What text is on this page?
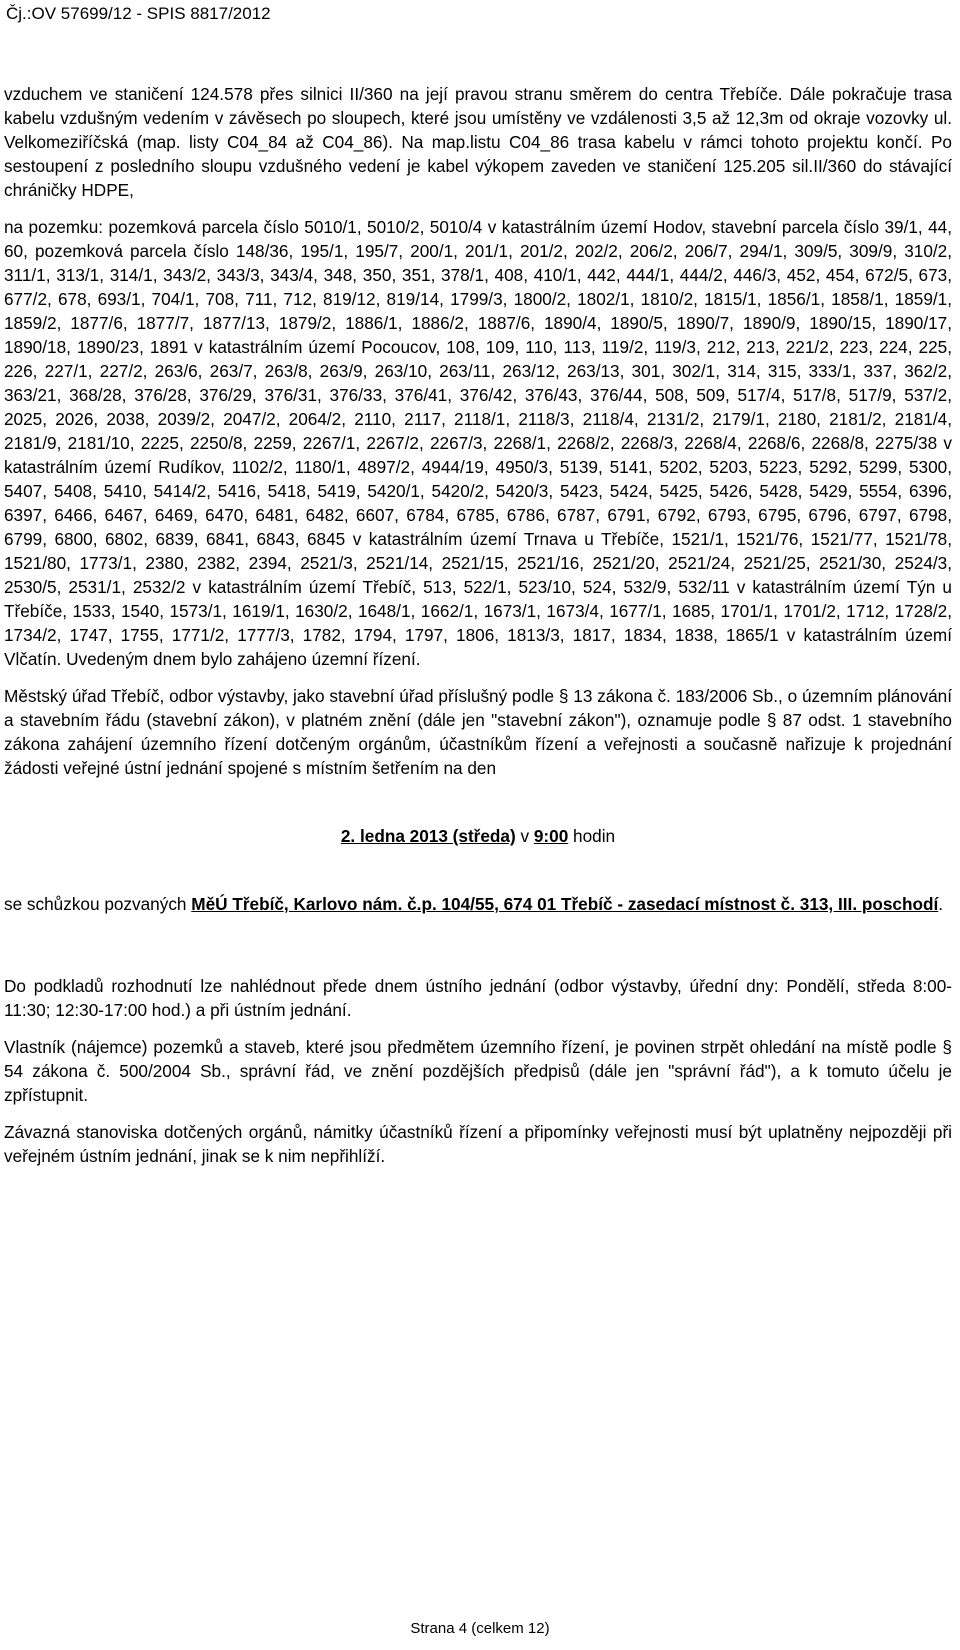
Čj.:OV 57699/12 - SPIS 8817/2012

vzduchem ve staničení 124.578 přes silnici II/360 na její pravou stranu směrem do centra Třebíče. Dále pokračuje trasa kabelu vzdušným vedením v závěsech po sloupech, které jsou umístěny ve vzdálenosti 3,5 až 12,3m od okraje vozovky ul. Velkomeziříčská (map. listy C04_84 až C04_86). Na map.listu C04_86 trasa kabelu v rámci tohoto projektu končí. Po sestoupení z posledního sloupu vzdušného vedení je kabel výkopem zaveden ve staničení 125.205 sil.II/360 do stávající chráničky HDPE,

na pozemku: pozemková parcela číslo 5010/1, 5010/2, 5010/4 v katastrálním území Hodov, stavební parcela číslo 39/1, 44, 60, pozemková parcela číslo 148/36, 195/1, 195/7, 200/1, 201/1, 201/2, 202/2, 206/2, 206/7, 294/1, 309/5, 309/9, 310/2, 311/1, 313/1, 314/1, 343/2, 343/3, 343/4, 348, 350, 351, 378/1, 408, 410/1, 442, 444/1, 444/2, 446/3, 452, 454, 672/5, 673, 677/2, 678, 693/1, 704/1, 708, 711, 712, 819/12, 819/14, 1799/3, 1800/2, 1802/1, 1810/2, 1815/1, 1856/1, 1858/1, 1859/1, 1859/2, 1877/6, 1877/7, 1877/13, 1879/2, 1886/1, 1886/2, 1887/6, 1890/4, 1890/5, 1890/7, 1890/9, 1890/15, 1890/17, 1890/18, 1890/23, 1891 v katastrálním území Pocoucov, 108, 109, 110, 113, 119/2, 119/3, 212, 213, 221/2, 223, 224, 225, 226, 227/1, 227/2, 263/6, 263/7, 263/8, 263/9, 263/10, 263/11, 263/12, 263/13, 301, 302/1, 314, 315, 333/1, 337, 362/2, 363/21, 368/28, 376/28, 376/29, 376/31, 376/33, 376/41, 376/42, 376/43, 376/44, 508, 509, 517/4, 517/8, 517/9, 537/2, 2025, 2026, 2038, 2039/2, 2047/2, 2064/2, 2110, 2117, 2118/1, 2118/3, 2118/4, 2131/2, 2179/1, 2180, 2181/2, 2181/4, 2181/9, 2181/10, 2225, 2250/8, 2259, 2267/1, 2267/2, 2267/3, 2268/1, 2268/2, 2268/3, 2268/4, 2268/6, 2268/8, 2275/38 v katastrálním území Rudíkov, 1102/2, 1180/1, 4897/2, 4944/19, 4950/3, 5139, 5141, 5202, 5203, 5223, 5292, 5299, 5300, 5407, 5408, 5410, 5414/2, 5416, 5418, 5419, 5420/1, 5420/2, 5420/3, 5423, 5424, 5425, 5426, 5428, 5429, 5554, 6396, 6397, 6466, 6467, 6469, 6470, 6481, 6482, 6607, 6784, 6785, 6786, 6787, 6791, 6792, 6793, 6795, 6796, 6797, 6798, 6799, 6800, 6802, 6839, 6841, 6843, 6845 v katastrálním území Trnava u Třebíče, 1521/1, 1521/76, 1521/77, 1521/78, 1521/80, 1773/1, 2380, 2382, 2394, 2521/3, 2521/14, 2521/15, 2521/16, 2521/20, 2521/24, 2521/25, 2521/30, 2524/3, 2530/5, 2531/1, 2532/2 v katastrálním území Třebíč, 513, 522/1, 523/10, 524, 532/9, 532/11 v katastrálním území Týn u Třebíče, 1533, 1540, 1573/1, 1619/1, 1630/2, 1648/1, 1662/1, 1673/1, 1673/4, 1677/1, 1685, 1701/1, 1701/2, 1712, 1728/2, 1734/2, 1747, 1755, 1771/2, 1777/3, 1782, 1794, 1797, 1806, 1813/3, 1817, 1834, 1838, 1865/1 v katastrálním území Vlčatín. Uvedeným dnem bylo zahájeno územní řízení.

Městský úřad Třebíč, odbor výstavby, jako stavební úřad příslušný podle § 13 zákona č. 183/2006 Sb., o územním plánování a stavebním řádu (stavební zákon), v platném znění (dále jen "stavební zákon"), oznamuje podle § 87 odst. 1 stavebního zákona zahájení územního řízení dotčeným orgánům, účastníkům řízení a veřejnosti a současně nařizuje k projednání žádosti veřejné ústní jednání spojené s místním šetřením na den

2. ledna 2013 (středa) v 9:00 hodin

se schůzkou pozvaných MěÚ Třebíč, Karlovo nám. č.p. 104/55, 674 01 Třebíč - zasedací místnost č. 313, III. poschodí.

Do podkladů rozhodnutí lze nahlédnout přede dnem ústního jednání (odbor výstavby, úřední dny: Pondělí, středa 8:00-11:30; 12:30-17:00 hod.) a při ústním jednání.

Vlastník (nájemce) pozemků a staveb, které jsou předmětem územního řízení, je povinen strpět ohledání na místě podle § 54 zákona č. 500/2004 Sb., správní řád, ve znění pozdějších předpisů (dále jen "správní řád"), a k tomuto účelu je zpřístupnit.

Závazná stanoviska dotčených orgánů, námitky účastníků řízení a připomínky veřejnosti musí být uplatněny nejpozději při veřejném ústním jednání, jinak se k nim nepřihlíží.

Strana 4 (celkem 12)
